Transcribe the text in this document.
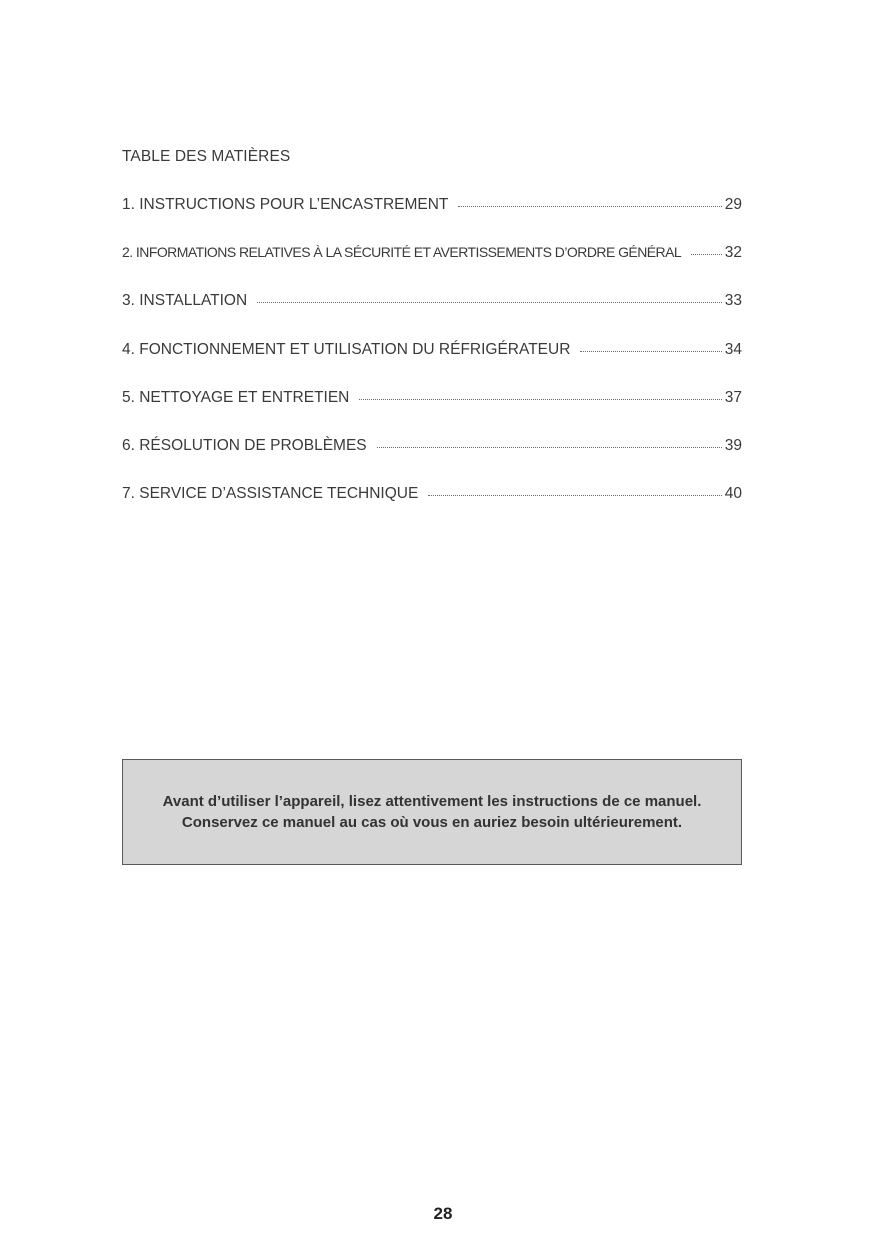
TABLE DES MATIÈRES
1. INSTRUCTIONS POUR L’ENCASTREMENT	29
2. INFORMATIONS RELATIVES À LA SÉCURITÉ ET AVERTISSEMENTS D’ORDRE GÉNÉRAL	32
3. INSTALLATION	33
4. FONCTIONNEMENT ET UTILISATION DU RÉFRIGÉRATEUR	34
5. NETTOYAGE ET ENTRETIEN	37
6. RÉSOLUTION DE PROBLÈMES	39
7. SERVICE D’ASSISTANCE TECHNIQUE	40
Avant d’utiliser l’appareil, lisez attentivement les instructions de ce manuel.
Conservez ce manuel au cas où vous en auriez besoin ultérieurement.
28
